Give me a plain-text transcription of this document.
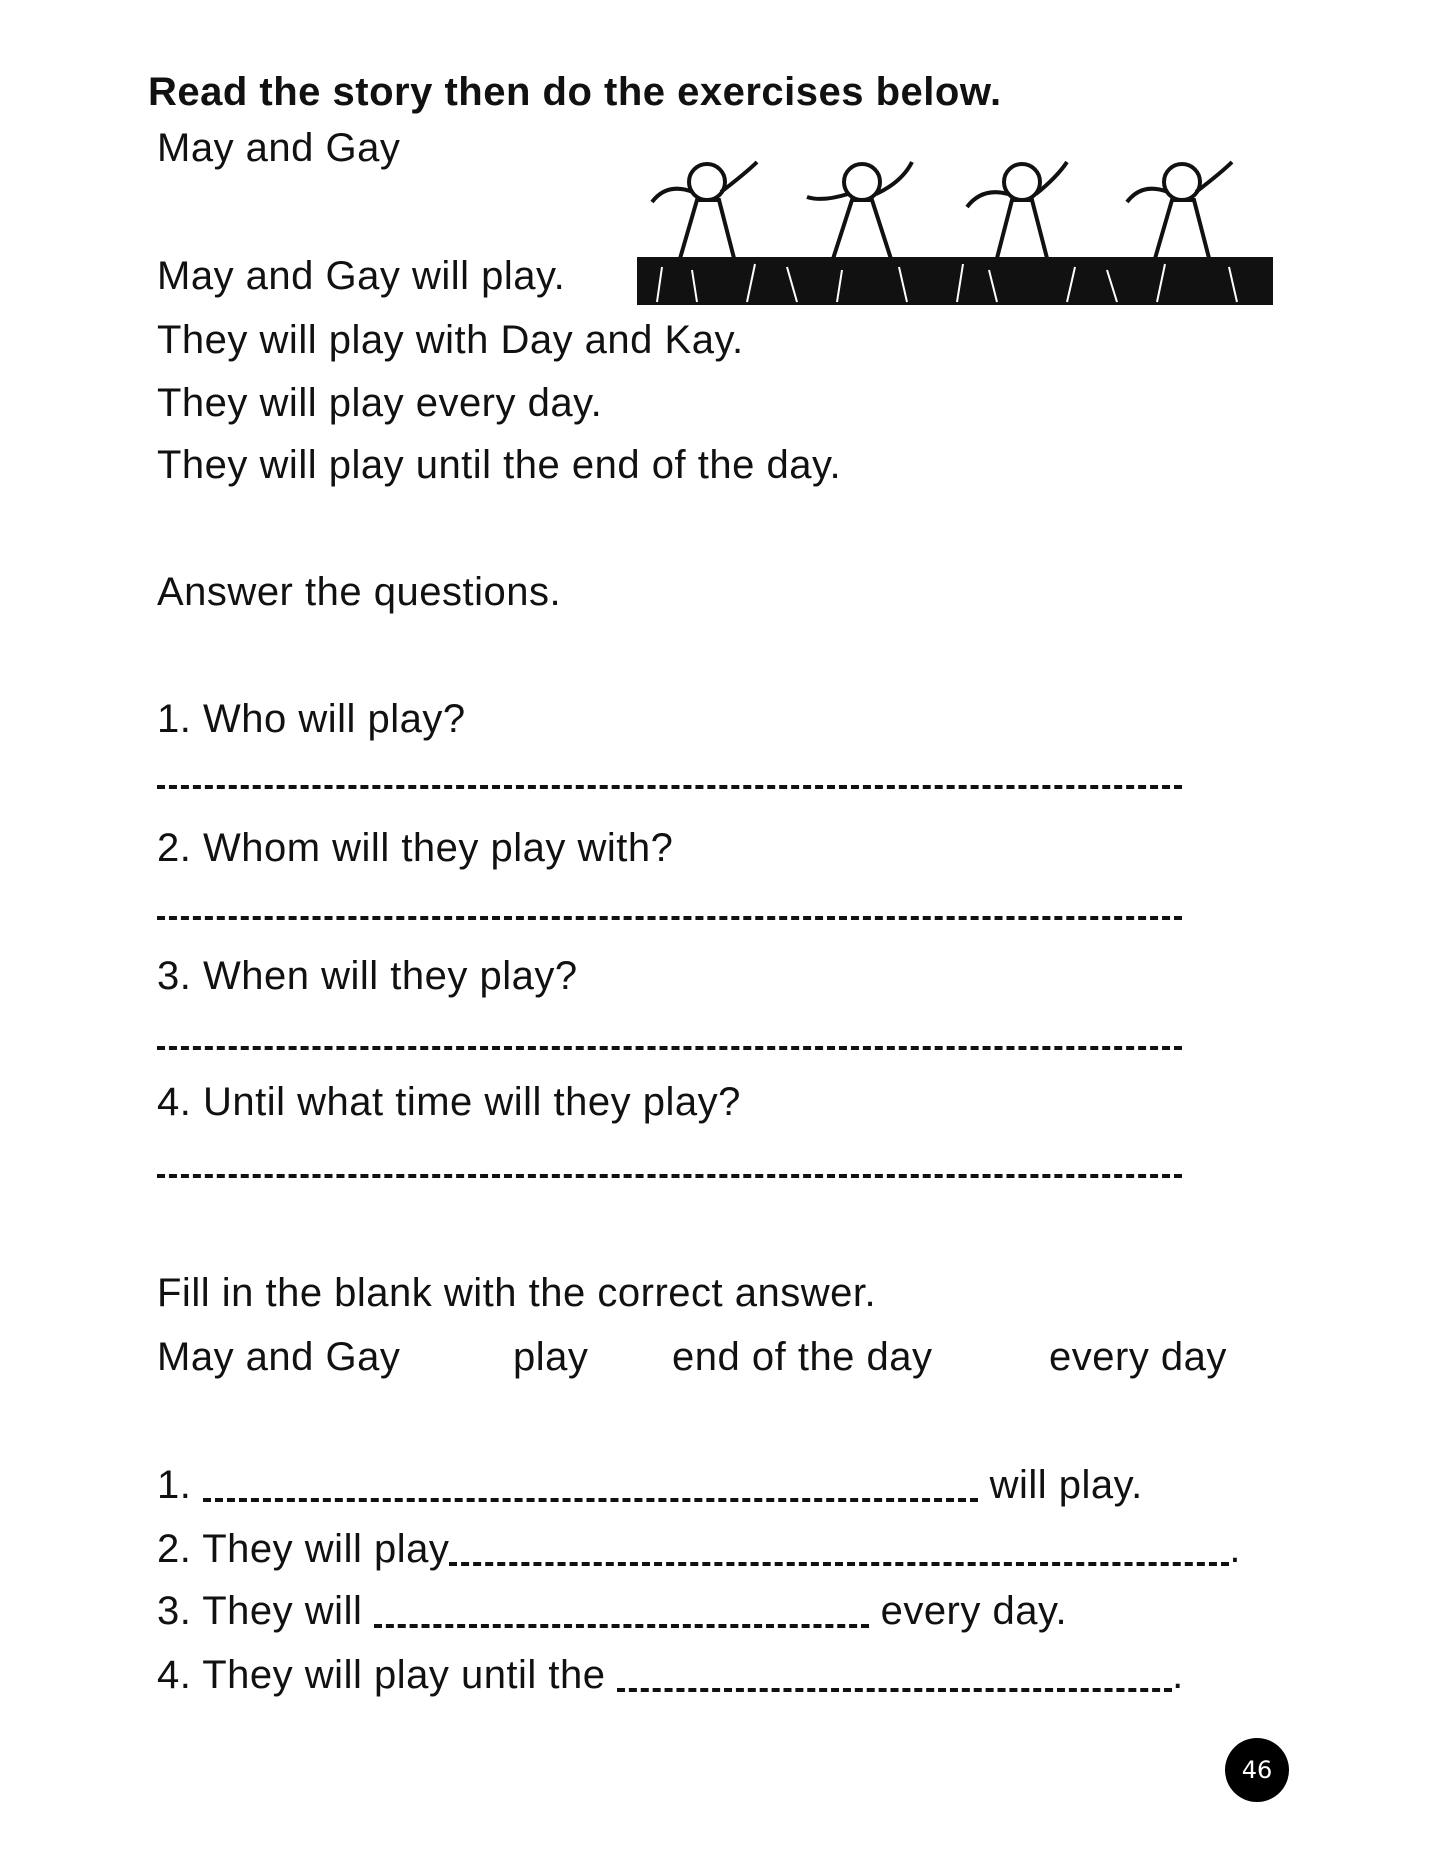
Read the story then do the exercises below.
May and Gay
May and Gay will play.
They will play with Day and Kay.
They will play every day.
They will play until the end of the day.
Answer the questions.
1. Who will play?
2. Whom will they play with?
3. When will they play?
4. Until what time will they play?
Fill in the blank with the correct answer.
May and Gay	play end of the day	every day
1.	will play.
2. They will play	.
3. They will	every day.
4. They will play until the	.
46
